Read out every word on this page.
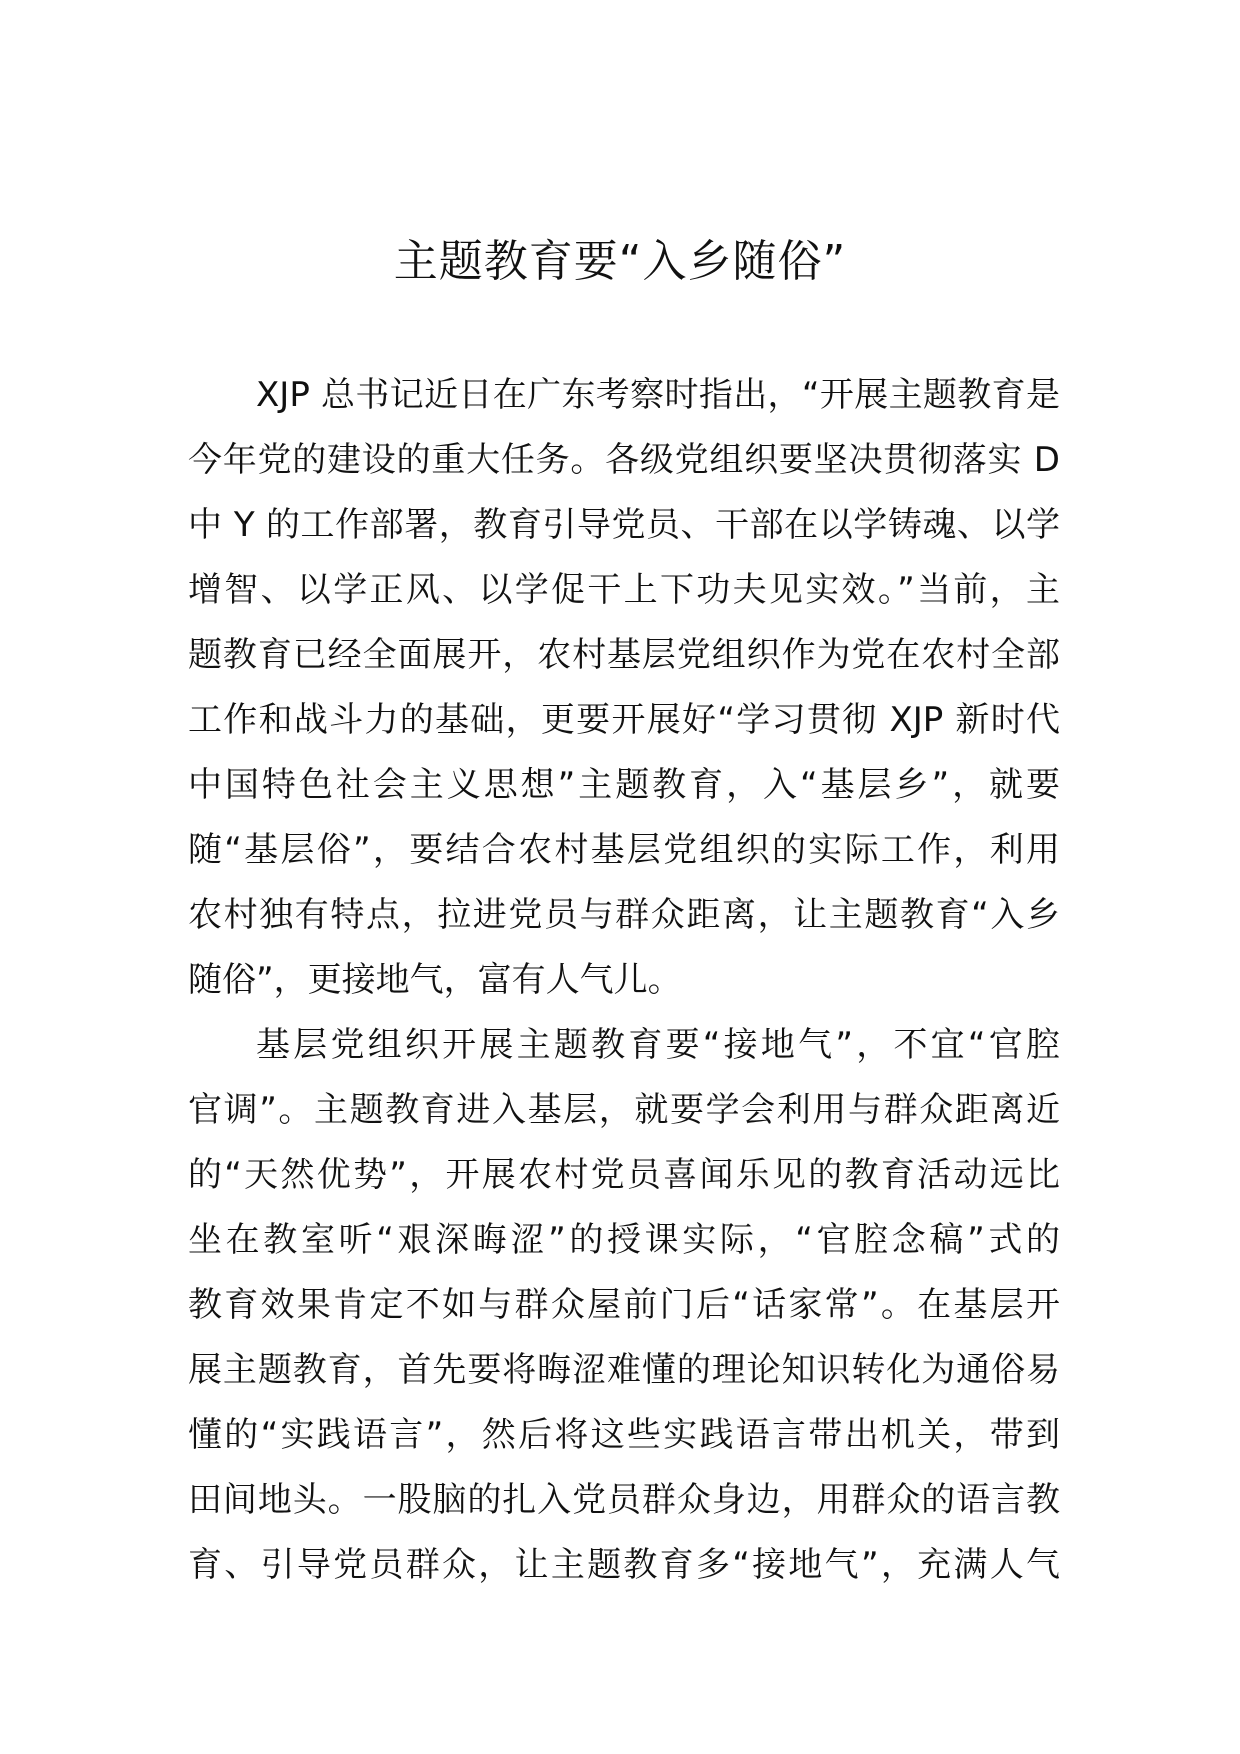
主题教育要“入乡随俗”

XJP 总书记近日在广东考察时指出，“开展主题教育是
今年党的建设的重大任务。各级党组织要坚决贯彻落实 D
中 Y 的工作部署，教育引导党员、干部在以学铸魂、以学
增智、以学正风、以学促干上下功夫见实效。”当前，主
题教育已经全面展开，农村基层党组织作为党在农村全部
工作和战斗力的基础，更要开展好“学习贯彻 XJP 新时代
中国特色社会主义思想”主题教育，入“基层乡”，就要
随“基层俗”，要结合农村基层党组织的实际工作，利用
农村独有特点，拉进党员与群众距离，让主题教育“入乡
随俗”，更接地气，富有人气儿。

基层党组织开展主题教育要“接地气”，不宜“官腔
官调”。主题教育进入基层，就要学会利用与群众距离近
的“天然优势”，开展农村党员喜闻乐见的教育活动远比
坐在教室听“艰深晦涩”的授课实际，“官腔念稿”式的
教育效果肯定不如与群众屋前门后“话家常”。在基层开
展主题教育，首先要将晦涩难懂的理论知识转化为通俗易
懂的“实践语言”，然后将这些实践语言带出机关，带到
田间地头。一股脑的扎入党员群众身边，用群众的语言教
育、引导党员群众，让主题教育多“接地气”，充满人气
